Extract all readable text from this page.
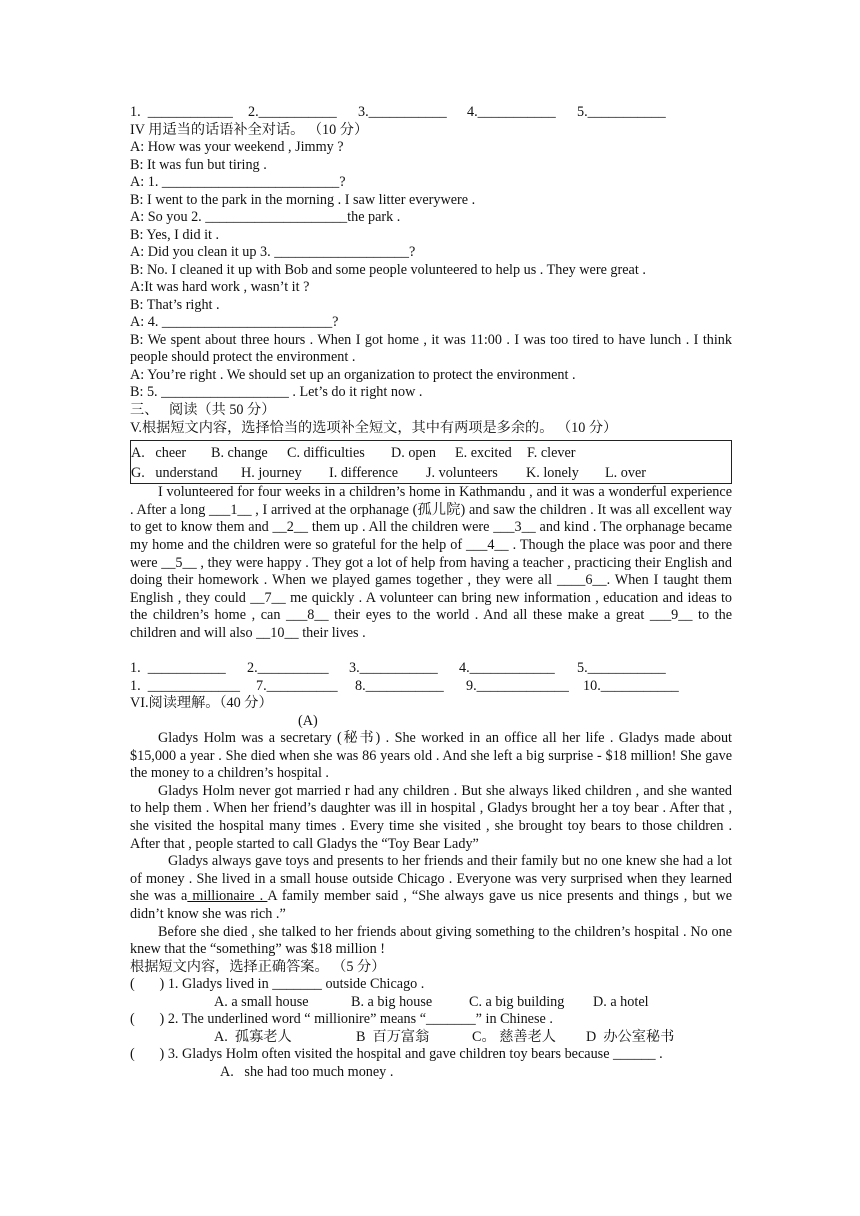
1.  ____________	2.___________	3.___________	4.___________	5.___________
IV 用适当的话语补全对话。 （10 分）
A: How was your weekend , Jimmy ?
B: It was fun but tiring .
A: 1. _________________________?
B: I went to the park in the morning . I saw litter everywere .
A: So you 2. ____________________the park .
B: Yes, I did it .
A: Did you clean it up 3. ___________________?
B: No. I cleaned it up with Bob and some people volunteered to help us . They were great .
A:It was hard work , wasn’t it ?
B: That’s right .
A: 4. ________________________?
B: We spent about three hours . When I got home , it was 11:00 . I was too tired to have lunch . I think people should protect the environment .
A: You’re right . We should set up an organization to protect the environment .
B: 5. __________________ . Let’s do it right now .
三、   阅读（共 50 分）
V.根据短文内容，选择恰当的选项补全短文，其中有两项是多余的。 （10 分）
A.   cheer	B. change	C. difficulties	D. open	E. excited	F. clever
G.   understand	H. journey	I. difference	J. volunteers	K. lonely	L. over
I volunteered for four weeks in a children’s home in Kathmandu , and it was a wonderful experience . After a long ___1__ , I arrived at the orphanage (孤儿院) and saw the children . It was all excellent way to get to know them and __2__ them up . All the children were ___3__ and kind . The orphanage became my home and the children were so grateful for the help of ___4__ . Though the place was poor and there were __5__ , they were happy . They got a lot of help from having a teacher , practicing their English and doing their homework . When we played games together , they were all ____6__. When I taught them English , they could __7__ me quickly . A volunteer can bring new information , education and ideas to the children’s home , can ___8__ their eyes to the world . And all these make a great ___9__ to the children and will also __10__ their lives .
1.  ___________	2.__________	3.___________	4.____________	5.___________
1.  _____________	7.__________	8.___________	9._____________ 10.___________
VI.阅读理解。（40 分）
(A)
Gladys Holm was a secretary (秘书) . She worked in an office all her life . Gladys made about $15,000 a year . She died when she was 86 years old . And she left a big surprise - $18 million! She gave the money to a children’s hospital .
Gladys Holm never got married r had any children . But she always liked children , and she wanted to help them . When her friend’s daughter was ill in hospital , Gladys brought her a toy bear . After that , she visited the hospital many times . Every time she visited , she brought toy bears to those children . After that , people started to call Gladys the “Toy Bear Lady”
Gladys always gave toys and presents to her friends and their family but no one knew she had a lot of money . She lived in a small house outside Chicago . Everyone was very surprised when they learned she was a millionaire . A family member said , “She always gave us nice presents and things , but we didn’t know she was rich .”
Before she died , she talked to her friends about giving something to the children’s hospital . No one knew that the “something” was $18 million !
根据短文内容，选择正确答案。 （5 分）
(       ) 1. Gladys lived in _______ outside Chicago .
A. a small house	B. a big house	C. a big building	D. a hotel
(       ) 2. The underlined word “ millionire” means “_______” in Chinese .
A.  孤寡老人	B  百万富翁	C。 慈善老人	D  办公室秘书
(       ) 3. Gladys Holm often visited the hospital and gave children toy bears because ______ .
A.   she had too much money .
